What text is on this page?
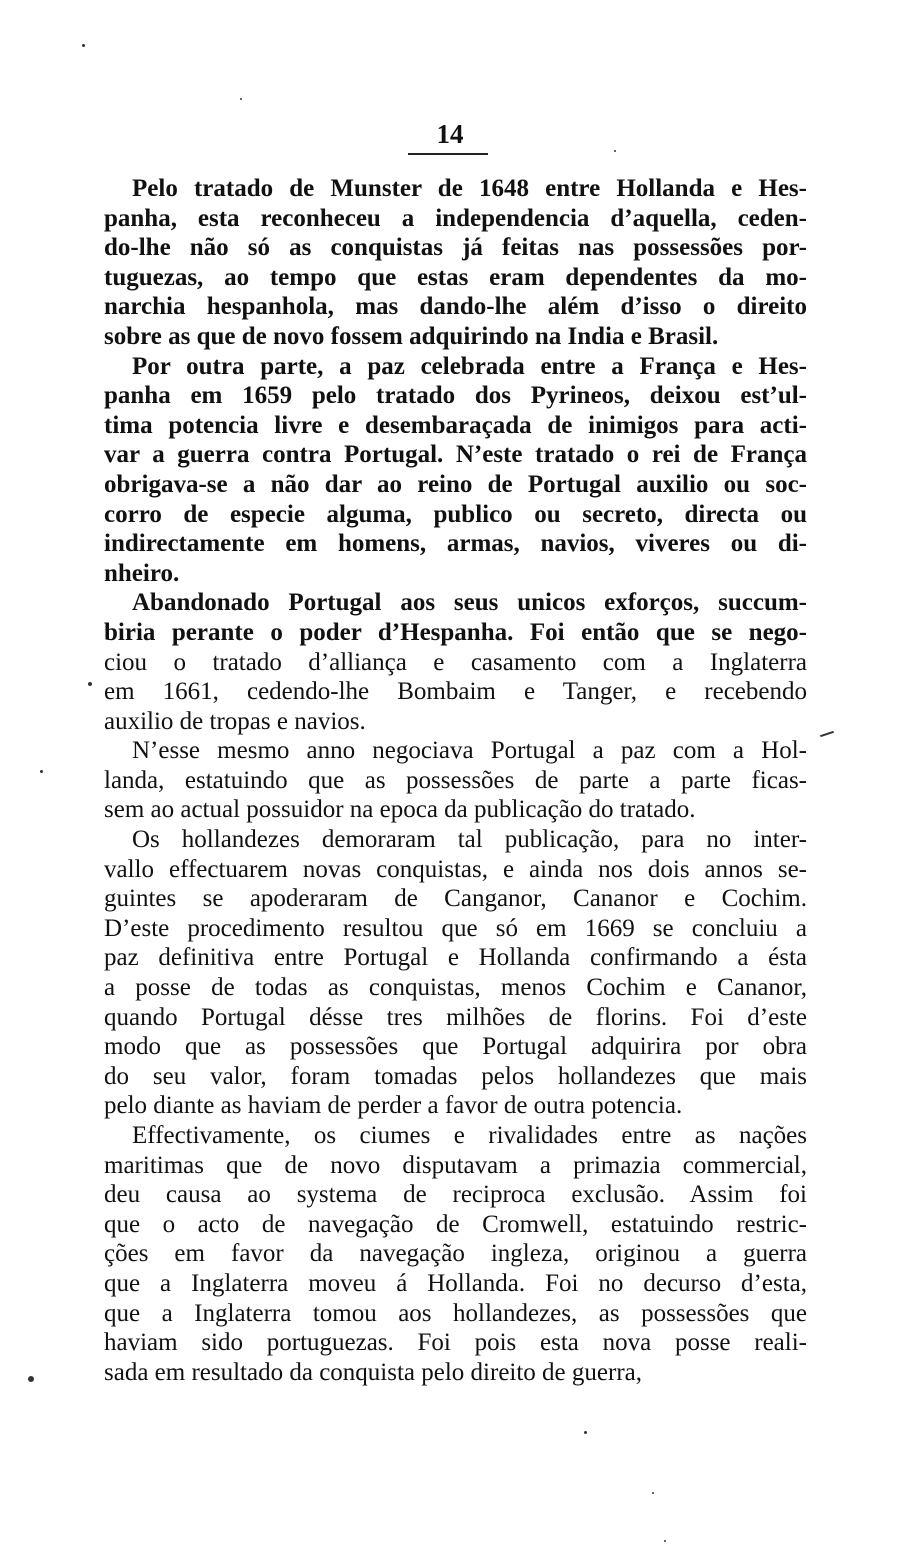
14
Pelo tratado de Munster de 1648 entre Hollanda e Hes-
panha, esta reconheceu a independencia d’aquella, ceden-
do-lhe não só as conquistas já feitas nas possessões por-
tuguezas, ao tempo que estas eram dependentes da mo-
narchia hespanhola, mas dando-lhe além d’isso o direito
sobre as que de novo fossem adquirindo na India e Brasil.
Por outra parte, a paz celebrada entre a França e Hes-
panha em 1659 pelo tratado dos Pyrineos, deixou est’ul-
tima potencia livre e desembaraçada de inimigos para acti-
var a guerra contra Portugal. N’este tratado o rei de França
obrigava-se a não dar ao reino de Portugal auxilio ou soc-
corro de especie alguma, publico ou secreto, directa ou
indirectamente em homens, armas, navios, viveres ou di-
nheiro.
Abandonado Portugal aos seus unicos exforços, succum-
biria perante o poder d’Hespanha. Foi então que se nego-
ciou o tratado d’alliança e casamento com a Inglaterra
em 1661, cedendo-lhe Bombaim e Tanger, e recebendo
auxilio de tropas e navios.
N’esse mesmo anno negociava Portugal a paz com a Hol-
landa, estatuindo que as possessões de parte a parte ficas-
sem ao actual possuidor na epoca da publicação do tratado.
Os hollandezes demoraram tal publicação, para no inter-
vallo effectuarem novas conquistas, e ainda nos dois annos se-
guintes se apoderaram de Canganor, Cananor e Cochim.
D’este procedimento resultou que só em 1669 se concluiu a
paz definitiva entre Portugal e Hollanda confirmando a ésta
a posse de todas as conquistas, menos Cochim e Cananor,
quando Portugal désse tres milhões de florins. Foi d’este
modo que as possessões que Portugal adquirira por obra
do seu valor, foram tomadas pelos hollandezes que mais
pelo diante as haviam de perder a favor de outra potencia.
Effectivamente, os ciumes e rivalidades entre as nações
maritimas que de novo disputavam a primazia commercial,
deu causa ao systema de reciproca exclusão. Assim foi
que o acto de navegação de Cromwell, estatuindo restric-
ções em favor da navegação ingleza, originou a guerra
que a Inglaterra moveu á Hollanda. Foi no decurso d’esta,
que a Inglaterra tomou aos hollandezes, as possessões que
haviam sido portuguezas. Foi pois esta nova posse reali-
sada em resultado da conquista pelo direito de guerra,
